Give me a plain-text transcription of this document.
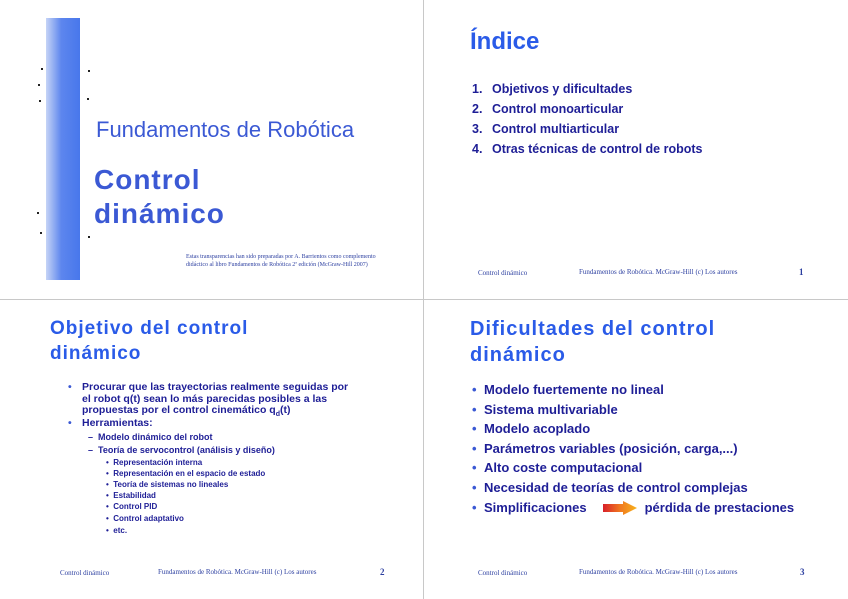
Fundamentos de Robótica
Control
dinámico
Estas transparencias han sido preparadas por A. Barrientos como complemento didáctico al libro Fundamentos de Robótica 2ª edición (McGraw-Hill 2007)
Índice
1. Objetivos y dificultades
2. Control monoarticular
3. Control multiarticular
4. Otras técnicas de control de robots
Control dinámico	Fundamentos de Robótica. McGraw-Hill (c) Los autores	1
Objetivo del control
dinámico
• Procurar que las trayectorias realmente seguidas por
el robot q(t) sean lo más parecidas posibles a las
propuestas por el control cinemático $q_d(t)$
• Herramientas:
–  Modelo dinámico del robot
–  Teoría de servocontrol (análisis y diseño)
•  Representación interna
•  Representación en el espacio de estado
•  Teoría de sistemas no lineales
•  Estabilidad
•  Control PID
•  Control adaptativo
•  etc.
Control dinámico	Fundamentos de Robótica. McGraw-Hill (c) Los autores	2
Dificultades del control
dinámico
• Modelo fuertemente no lineal
• Sistema multivariable
• Modelo acoplado
• Parámetros variables (posición, carga,...)
• Alto coste computacional
• Necesidad de teorías de control complejas
• Simplificaciones	pérdida de prestaciones
Control dinámico	Fundamentos de Robótica. McGraw-Hill (c) Los autores	3
